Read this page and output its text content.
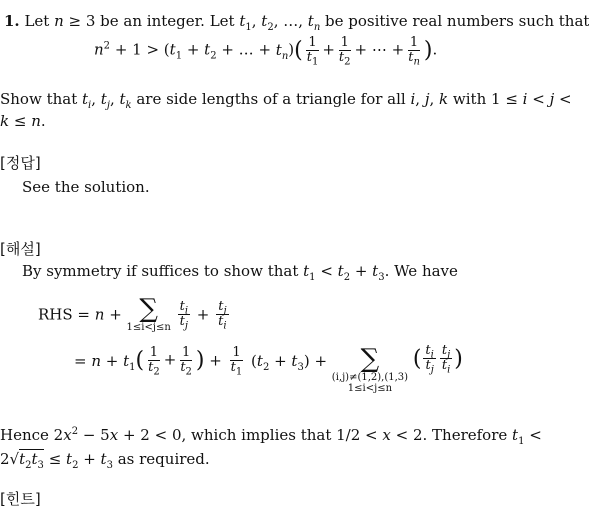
1. Let n ≥ 3 be an integer. Let $t_1$, $t_2$, …, $t_n$ be positive real numbers such that
$n^2 + 1 > (t_1 + t_2$ + … + $t_n)( \frac{1}{t_1} + \frac{1}{t_2}$ + ⋯ + $\frac{1}{t_n}$ ).
Show that $t_i$, $t_j$, $t_k$ are side lengths of a triangle for all i, j, k with 1 ≤ i < j <
k ≤ n.
[정답]
See the solution.
[해설]
By symmetry if suffices to show that $t_1 < t_2 + t_3$. We have
RHS = n + ∑
1≤i<j≤n
$\frac{t_i}{t_j} + \frac{t_j}{t_i}$
= $n + t_1( \frac{1}{t_2} + \frac{1}{t_2}$ ) + $\frac{1}{t_1} (t_2 + t_3)$ + ∑
(i,j)≠(1,2),(1,3)
1≤i<j≤n
( $\frac{t_i}{t_j} \frac{t_j}{t_i}$ )
Hence $2x^2 - 5x + 2 < 0$, which implies that 1/2 < x < 2. Therefore $t_1$ <
$2√t_2t_3 \le t_2 + t_3$ as required.
[힌트]
